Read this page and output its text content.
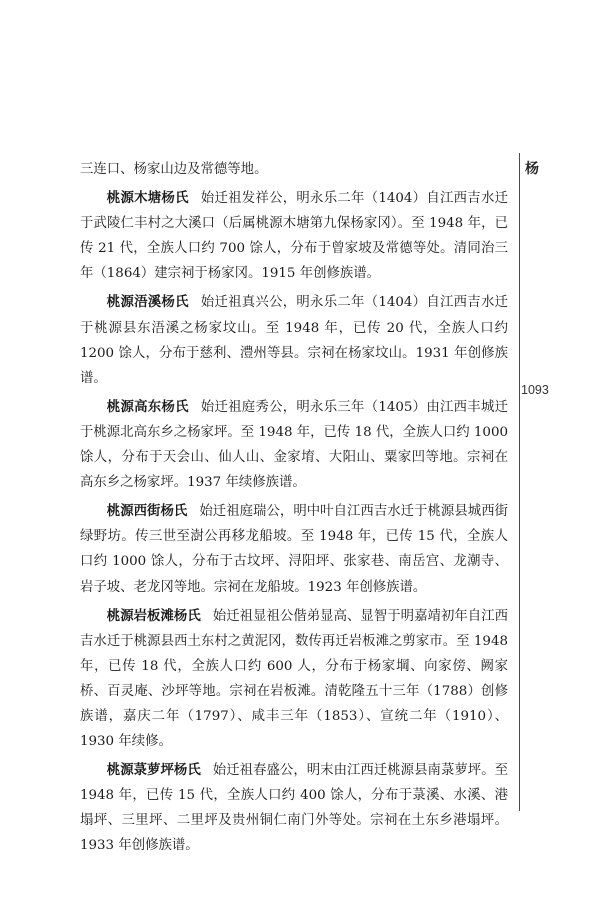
杨
1093

三连口、杨家山边及常德等地。

桃源木塘杨氏 始迁祖发祥公，明永乐二年（1404）自江西吉水迁于武陵仁丰村之大溪口（后属桃源木塘第九保杨家冈）。至 1948 年，已传 21 代，全族人口约 700 馀人，分布于曾家坡及常德等处。清同治三年（1864）建宗祠于杨家冈。1915 年创修族谱。

桃源浯溪杨氏 始迁祖真兴公，明永乐二年（1404）自江西吉水迁于桃源县东浯溪之杨家坟山。至 1948 年，已传 20 代，全族人口约 1200 馀人，分布于慈利、澧州等县。宗祠在杨家坟山。1931 年创修族谱。

桃源高东杨氏 始迁祖庭秀公，明永乐三年（1405）由江西丰城迁于桃源北高东乡之杨家坪。至 1948 年，已传 18 代，全族人口约 1000 馀人，分布于天会山、仙人山、金家堉、大阳山、粟家凹等地。宗祠在高东乡之杨家坪。1937 年续修族谱。

桃源西街杨氏 始迁祖庭瑞公，明中叶自江西吉水迁于桃源县城西街绿野坊。传三世至澍公再移龙船坡。至 1948 年，已传 15 代，全族人口约 1000 馀人，分布于古坟坪、浔阳坪、张家巷、南岳宫、龙潮寺、岩子坡、老龙冈等地。宗祠在龙船坡。1923 年创修族谱。

桃源岩板滩杨氏 始迁祖显祖公偕弟显高、显智于明嘉靖初年自江西吉水迁于桃源县西土东村之黄泥冈，数传再迁岩板滩之剪家市。至 1948 年，已传 18 代，全族人口约 600 人，分布于杨家堈、向家傍、阙家桥、百灵庵、沙坪等地。宗祠在岩板滩。清乾隆五十三年（1788）创修族谱，嘉庆二年（1797）、咸丰三年（1853）、宣统二年（1910）、1930 年续修。

桃源菉萝坪杨氏 始迁祖春盛公，明末由江西迁桃源县南菉萝坪。至 1948 年，已传 15 代，全族人口约 400 馀人，分布于菉溪、水溪、港塌坪、三里坪、二里坪及贵州铜仁南门外等处。宗祠在土东乡港塌坪。1933 年创修族谱。
